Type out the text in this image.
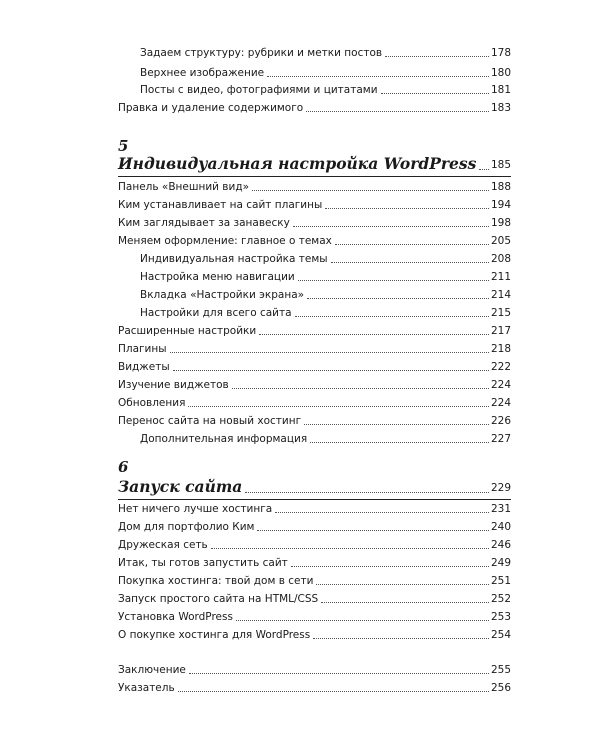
Задаем структуру: рубрики и метки постов	178
Верхнее изображение	180
Посты с видео, фотографиями и цитатами	181
Правка и удаление содержимого	183
5
Индивидуальная настройка WordPress 185
Панель «Внешний вид»	188
Ким устанавливает на сайт плагины	194
Ким заглядывает за занавеску	198
Меняем оформление: главное о темах	205
Индивидуальная настройка темы	208
Настройка меню навигации	211
Вкладка «Настройки экрана»	214
Настройки для всего сайта	215
Расширенные настройки	217
Плагины	218
Виджеты	222
Изучение виджетов	224
Обновления	224
Перенос сайта на новый хостинг	226
Дополнительная информация	227
6
Запуск сайта	229
Нет ничего лучше хостинга	231
Дом для портфолио Ким	240
Дружеская сеть	246
Итак, ты готов запустить сайт	249
Покупка хостинга: твой дом в сети	251
Запуск простого сайта на HTML/CSS	252
Установка WordPress	253
О покупке хостинга для WordPress	254
Заключение	255
Указатель	256
